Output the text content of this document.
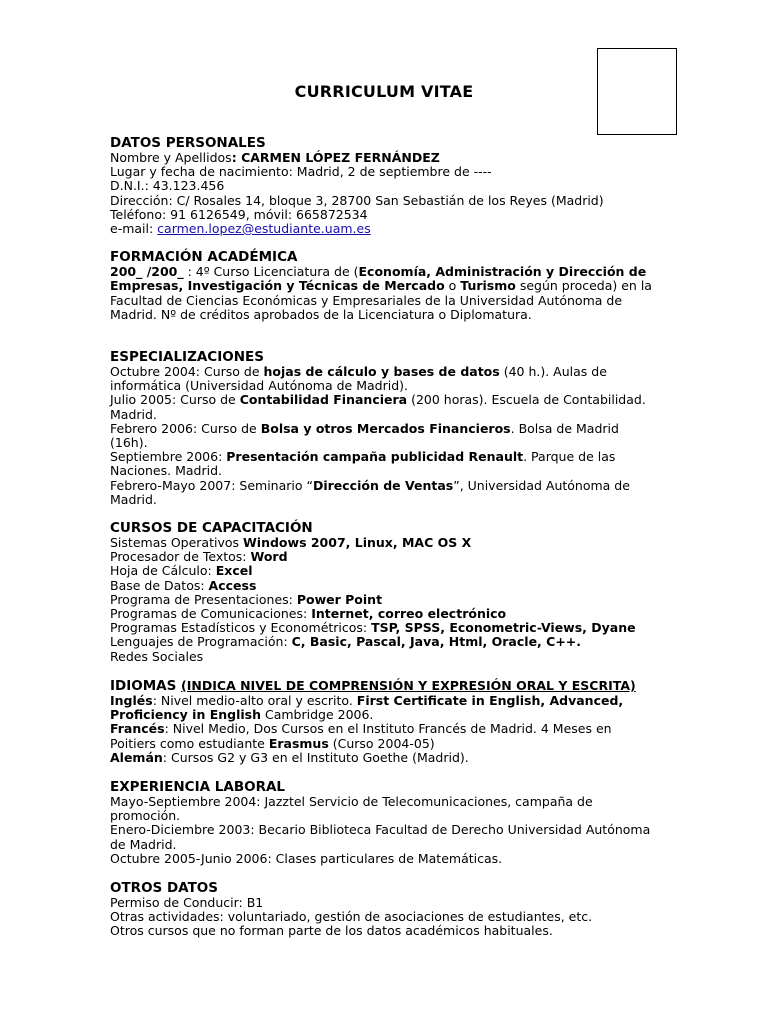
CURRICULUM VITAE
DATOS PERSONALES
Nombre y Apellidos: CARMEN LÓPEZ FERNÁNDEZ
Lugar y fecha de nacimiento: Madrid, 2 de septiembre de ----
D.N.I.: 43.123.456
Dirección: C/ Rosales 14, bloque 3, 28700 San Sebastián de los Reyes (Madrid)
Teléfono: 91 6126549, móvil: 665872534
e-mail: carmen.lopez@estudiante.uam.es
FORMACIÓN ACADÉMICA
200_ /200_ : 4º Curso Licenciatura de (Economía, Administración y Dirección de Empresas, Investigación y Técnicas de Mercado o Turismo según proceda) en la Facultad de Ciencias Económicas y Empresariales de la Universidad Autónoma de Madrid. Nº de créditos aprobados de la Licenciatura o Diplomatura.
ESPECIALIZACIONES
Octubre 2004: Curso de hojas de cálculo y bases de datos (40 h.). Aulas de informática (Universidad Autónoma de Madrid).
Julio 2005: Curso de Contabilidad Financiera (200 horas). Escuela de Contabilidad. Madrid.
Febrero 2006: Curso de Bolsa y otros Mercados Financieros. Bolsa de Madrid (16h).
Septiembre 2006: Presentación campaña publicidad Renault. Parque de las Naciones. Madrid.
Febrero-Mayo 2007: Seminario “Dirección de Ventas”, Universidad Autónoma de Madrid.
CURSOS DE CAPACITACIÓN
Sistemas Operativos Windows 2007, Linux, MAC OS X
Procesador de Textos: Word
Hoja de Cálculo: Excel
Base de Datos: Access
Programa de Presentaciones: Power Point
Programas de Comunicaciones: Internet, correo electrónico
Programas Estadísticos y Econométricos: TSP, SPSS, Econometric-Views, Dyane
Lenguajes de Programación: C, Basic, Pascal, Java, Html, Oracle, C++.
Redes Sociales
IDIOMAS (INDICA NIVEL DE COMPRENSIÓN Y EXPRESIÓN ORAL Y ESCRITA)
Inglés: Nivel medio-alto oral y escrito. First Certificate in English, Advanced, Proficiency in English Cambridge 2006.
Francés: Nivel Medio, Dos Cursos en el Instituto Francés de Madrid. 4 Meses en Poitiers como estudiante Erasmus (Curso 2004-05)
Alemán: Cursos G2 y G3 en el Instituto Goethe (Madrid).
EXPERIENCIA LABORAL
Mayo-Septiembre 2004: Jazztel Servicio de Telecomunicaciones, campaña de promoción.
Enero-Diciembre 2003: Becario Biblioteca Facultad de Derecho Universidad Autónoma de Madrid.
Octubre 2005-Junio 2006: Clases particulares de Matemáticas.
OTROS DATOS
Permiso de Conducir: B1
Otras actividades: voluntariado, gestión de asociaciones de estudiantes, etc.
Otros cursos que no forman parte de los datos académicos habituales.
